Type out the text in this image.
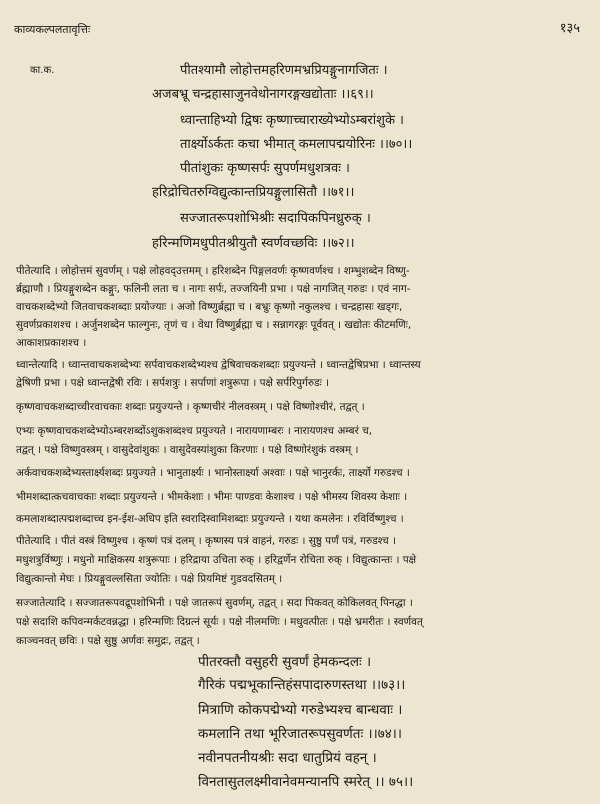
काव्यकल्पलतावृत्तिः	१३५
का.क.	पीतश्यामौ लोहोत्तमहरिणमभ्रप्रियङ्गुनागजितः ।
अजबभ्रू चन्द्रहासाजुनवेधोनागरङ्गखद्योताः ।।६९।।
ध्वान्ताहिभ्यो द्विषः कृष्णाच्चाराख्येभ्योऽम्बरांशुके ।
तार्क्ष्योऽर्कतः कचा भीमात् कमलापद्मयोरिनः ।।७०।।
पीतांशुकः कृष्णसर्पः सुपर्णमधुशत्रवः ।
हरिद्रोचितरुग्विद्युत्कान्तप्रियङ्गुलासितौ ।।७१।।
सज्जातरूपशोभिश्रीः सदापिकपिनध्रुरुक् ।
हरिन्मणिमधुपीतश्रीयुतौ स्वर्णवच्छविः ।।७२।।
पीतेत्यादि । लोहोत्तमं सुवर्णम् । पक्षे लोहवद्उत्तमम् । हरिशब्देन पिङ्गलवर्णः कृष्णवर्णश्च । शम्भुशब्देन विष्णु-
र्ब्रह्माणौ । प्रियङ्गुशब्देन कङ्गुः, फलिनी लता च । नागः सर्पः, तज्जयिनी प्रभा । पक्षे नागजित् गरुडः । एवं नाग-
वाचकशब्देभ्यो जितवाचकशब्दाः प्रयोज्याः । अजो विष्णुर्ब्रह्मा च । बभ्रुः कृष्णो नकुलश्च । चन्द्रहासः खड्गः,
सुवर्णप्रकाशश्च । अर्जुनशब्देन फाल्गुनः, तृणं च । वेधा विष्णुर्ब्रह्मा च । सन्नागरङ्गः पूर्ववत् । खद्योतः कीटमणिः,
आकाशप्रकाशश्च ।
ध्वान्तेत्यादि । ध्वान्तवाचकशब्देभ्यः सर्पवाचकशब्देभ्यश्च द्वेषिवाचकशब्दाः प्रयुज्यन्ते । ध्वान्तद्वेषिप्रभा । ध्वान्तस्य
द्वेषिणी प्रभा । पक्षे ध्वान्तद्वेषी रविः । सर्पशत्रुः । सर्पाणां शत्रुरूपा । पक्षे सर्परिपुर्गरुडः ।
कृष्णवाचकशब्दाच्चीरवाचकाः शब्दाः प्रयुज्यन्ते । कृष्णचीरं नीलवस्त्रम् । पक्षे विष्णोश्चीरं, तद्वत् ।
एभ्यः कृष्णवाचकशब्देभ्योऽम्बरशब्दोंऽशुकशब्दश्च प्रयुज्यते । नारायणाम्बरः । नारायणश्च अम्बरं च,
तद्वत् । पक्षे विष्णुवस्त्रम् । वासुदेवांशुकः । वासुदेवस्यांशुका किरणाः । पक्षे विष्णोरंशुकं वस्त्रम् ।
अर्कवाचकशब्देभ्यस्तार्क्ष्यशब्दः प्रयुज्यते । भानुतार्क्ष्यः । भानोस्तार्क्ष्या अश्वाः । पक्षे भानुरर्कः, तार्क्ष्यो गरुडश्च ।
भीमशब्दात्कचवाचकाः शब्दाः प्रयुज्यन्ते । भीमकेशाः । भीमः पाण्डवः केशाश्च । पक्षे भीमस्य शिवस्य केशाः ।
कमलाशब्दात्पद्मशब्दाच्च इन-ईश-अधिप इति स्वरादिस्वामिशब्दाः प्रयुज्यन्ते । यथा कमलेनः । रविर्विष्णुश्च ।
पीतेत्यादि । पीतं वस्त्रं विष्णुश्च । कृष्णं पत्रं दलम् । कृष्णस्य पत्रं वाहनं, गरुडः । सुष्ठु पर्णं पत्रं, गरुडश्च ।
मधुशत्रुर्विष्णुः । मधुनो माक्षिकस्य शत्रुरूपाः । हरिद्राया उचिता रुक् । हरिद्वर्णेन रोचिता रुक् । विद्युत्कान्तः । पक्षे
विद्युत्कान्तो मेघः । प्रियङ्गुवल्लसिता ज्योतिः । पक्षे प्रियमिष्टं गुडवदसितम् ।
सज्जातेत्यादि । सज्जातरूपवद्रूपशोभिनी । पक्षे जातरूपं सुवर्णम्, तद्वत् । सदा पिकवत् कोकिलवत् पिनद्धा ।
पक्षे सदाशि कपिवन्मर्कटवन्नद्धा । हरिन्मणिः दिग्रत्नं सूर्यः । पक्षे नीलमणिः । मधुवत्पीतः । पक्षे भ्रमरीतः । स्वर्णवत्
काञ्चनवत् छविः । पक्षे सुष्ठु अर्णवः समुद्रः, तद्वत् ।
पीतरक्तौ वसुहरी सुवर्णं हेमकन्दलः ।
गैरिकं पद्मभूकान्तिहंसपादारुणस्तथा ।।७३।।
मित्राणि कोकपद्मेभ्यो गरुडेभ्यश्च बान्धवाः ।
कमलानि तथा भूरिजातरूपसुवर्णतः ।।७४।।
नवीनपतनीयश्रीः सदा धातुप्रियं वहन् ।
विनतासुतलक्ष्मीवानेवमन्यानपि स्मरेत् ।। ७५।।
